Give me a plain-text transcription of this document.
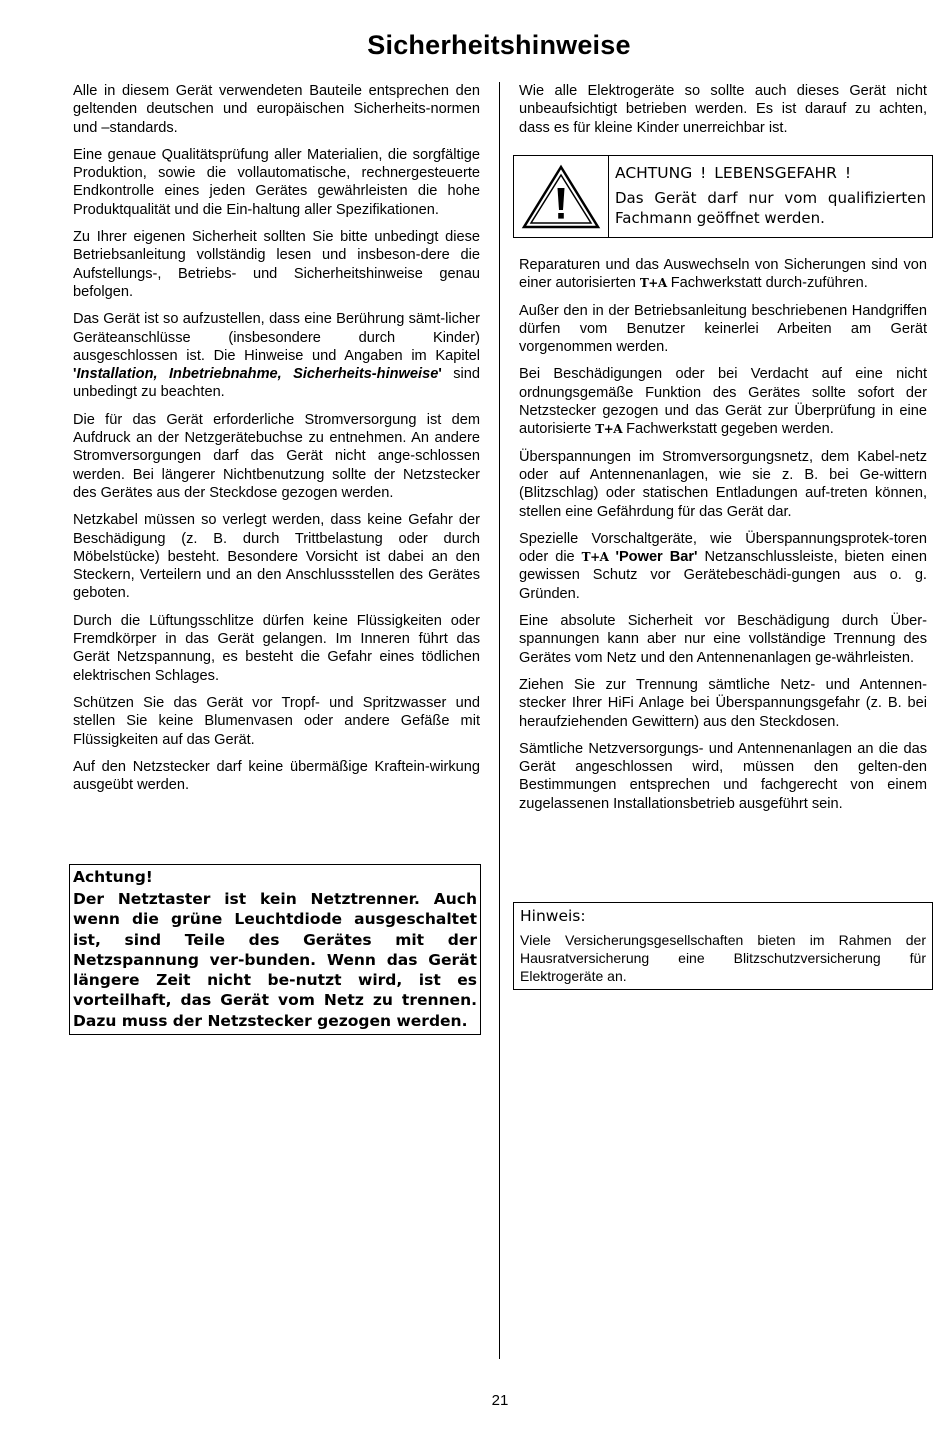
Sicherheitshinweise

Alle in diesem Gerät verwendeten Bauteile entsprechen den geltenden deutschen und europäischen Sicherheits-normen und –standards.

Eine genaue Qualitätsprüfung aller Materialien, die sorgfältige Produktion, sowie die vollautomatische, rechnergesteuerte Endkontrolle eines jeden Gerätes gewährleisten die hohe Produktqualität und die Ein-haltung aller Spezifikationen.

Zu Ihrer eigenen Sicherheit sollten Sie bitte unbedingt diese Betriebsanleitung vollständig lesen und insbeson-dere die Aufstellungs-, Betriebs- und Sicherheitshinweise genau befolgen.

Das Gerät ist so aufzustellen, dass eine Berührung sämt-licher Geräteanschlüsse (insbesondere durch Kinder) ausgeschlossen ist. Die Hinweise und Angaben im Kapitel 'Installation, Inbetriebnahme, Sicherheits-hinweise' sind unbedingt zu beachten.

Die für das Gerät erforderliche Stromversorgung ist dem Aufdruck an der Netzgerätebuchse zu entnehmen. An andere Stromversorgungen darf das Gerät nicht ange-schlossen werden. Bei längerer Nichtbenutzung sollte der Netzstecker des Gerätes aus der Steckdose gezogen werden.

Netzkabel müssen so verlegt werden, dass keine Gefahr der Beschädigung (z. B. durch Trittbelastung oder durch Möbelstücke) besteht. Besondere Vorsicht ist dabei an den Steckern, Verteilern und an den Anschlussstellen des Gerätes geboten.

Durch die Lüftungsschlitze dürfen keine Flüssigkeiten oder Fremdkörper in das Gerät gelangen. Im Inneren führt das Gerät Netzspannung, es besteht die Gefahr eines tödlichen elektrischen Schlages.

Schützen Sie das Gerät vor Tropf- und Spritzwasser und stellen Sie keine Blumenvasen oder andere Gefäße mit Flüssigkeiten auf das Gerät.

Auf den Netzstecker darf keine übermäßige Kraftein-wirkung ausgeübt werden.

Achtung!
Der Netztaster ist kein Netztrenner. Auch wenn die grüne Leuchtdiode ausgeschaltet ist, sind Teile des Gerätes mit der Netzspannung ver-bunden. Wenn das Gerät längere Zeit nicht be-nutzt wird, ist es vorteilhaft, das Gerät vom Netz zu trennen. Dazu muss der Netzstecker gezogen werden.

Wie alle Elektrogeräte so sollte auch dieses Gerät nicht unbeaufsichtigt betrieben werden. Es ist darauf zu achten, dass es für kleine Kinder unerreichbar ist.

ACHTUNG ! LEBENSGEFAHR !
Das Gerät darf nur vom qualifizierten Fachmann geöffnet werden.

Reparaturen und das Auswechseln von Sicherungen sind von einer autorisierten T+A Fachwerkstatt durch-zuführen.

Außer den in der Betriebsanleitung beschriebenen Handgriffen dürfen vom Benutzer keinerlei Arbeiten am Gerät vorgenommen werden.

Bei Beschädigungen oder bei Verdacht auf eine nicht ordnungsgemäße Funktion des Gerätes sollte sofort der Netzstecker gezogen und das Gerät zur Überprüfung in eine autorisierte T+A Fachwerkstatt gegeben werden.

Überspannungen im Stromversorgungsnetz, dem Kabel-netz oder auf Antennenanlagen, wie sie z. B. bei Ge-wittern (Blitzschlag) oder statischen Entladungen auf-treten können, stellen eine Gefährdung für das Gerät dar.

Spezielle Vorschaltgeräte, wie Überspannungsprotek-toren oder die T+A 'Power Bar' Netzanschlussleiste, bieten einen gewissen Schutz vor Gerätebeschädi-gungen aus o. g. Gründen.

Eine absolute Sicherheit vor Beschädigung durch Über-spannungen kann aber nur eine vollständige Trennung des Gerätes vom Netz und den Antennenanlagen ge-währleisten.

Ziehen Sie zur Trennung sämtliche Netz- und Antennen-stecker Ihrer HiFi Anlage bei Überspannungsgefahr (z. B. bei heraufziehenden Gewittern) aus den Steckdosen.

Sämtliche Netzversorgungs- und Antennenanlagen an die das Gerät angeschlossen wird, müssen den gelten-den Bestimmungen entsprechen und fachgerecht von einem zugelassenen Installationsbetrieb ausgeführt sein.

Hinweis:
Viele Versicherungsgesellschaften bieten im Rahmen der Hausratversicherung eine Blitzschutzversicherung für Elektrogeräte an.
21
